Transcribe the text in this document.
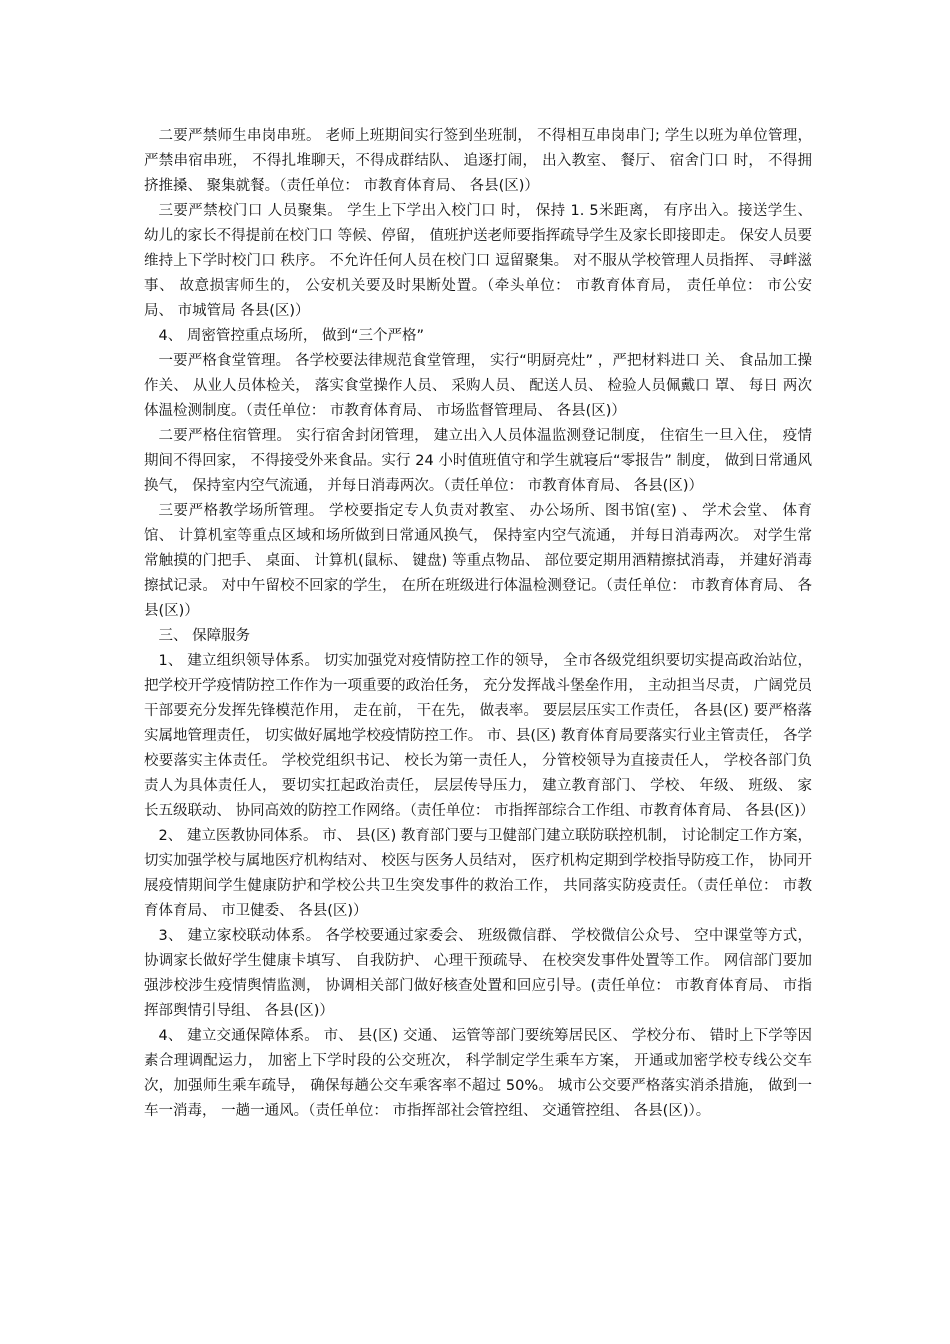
二要严禁师生串岗串班。 老师上班期间实行签到坐班制， 不得相互串岗串门; 学生以班为单位管理， 严禁串宿串班， 不得扎堆聊天，不得成群结队、 追逐打闹， 出入教室、 餐厅、 宿舍门口 时， 不得拥挤推搡、 聚集就餐。（责任单位： 市教育体育局、 各县(区)）

三要严禁校门口 人员聚集。 学生上下学出入校门口 时， 保持 1. 5米距离， 有序出入。接送学生、 幼儿的家长不得提前在校门口 等候、停留， 值班护送老师要指挥疏导学生及家长即接即走。 保安人员要维持上下学时校门口 秩序。 不允许任何人员在校门口 逗留聚集。 对不服从学校管理人员指挥、 寻衅滋事、 故意损害师生的， 公安机关要及时果断处置。（牵头单位： 市教育体育局， 责任单位： 市公安局、 市城管局 各县(区)）

4、 周密管控重点场所， 做到“三个严格”

一要严格食堂管理。 各学校要法律规范食堂管理， 实行“明厨亮灶” ，严把材料进口 关、 食品加工操作关、 从业人员体检关， 落实食堂操作人员、 采购人员、 配送人员、 检验人员佩戴口 罩、 每日 两次体温检测制度。（责任单位： 市教育体育局、 市场监督管理局、 各县(区)）

二要严格住宿管理。 实行宿舍封闭管理， 建立出入人员体温监测登记制度， 住宿生一旦入住， 疫情期间不得回家， 不得接受外来食品。实行 24 小时值班值守和学生就寝后“零报告” 制度， 做到日常通风换气， 保持室内空气流通， 并每日消毒两次。（责任单位： 市教育体育局、 各县(区)）

三要严格教学场所管理。 学校要指定专人负责对教室、 办公场所、图书馆(室) 、 学术会堂、 体育馆、 计算机室等重点区域和场所做到日常通风换气， 保持室内空气流通， 并每日消毒两次。 对学生常常触摸的门把手、 桌面、 计算机(鼠标、 键盘) 等重点物品、 部位要定期用酒精擦拭消毒， 并建好消毒擦拭记录。 对中午留校不回家的学生， 在所在班级进行体温检测登记。（责任单位： 市教育体育局、 各县(区)）

三、 保障服务

1、 建立组织领导体系。 切实加强党对疫情防控工作的领导， 全市各级党组织要切实提高政治站位， 把学校开学疫情防控工作作为一项重要的政治任务， 充分发挥战斗堡垒作用， 主动担当尽责， 广阔党员干部要充分发挥先锋模范作用， 走在前， 干在先， 做表率。 要层层压实工作责任， 各县(区) 要严格落实属地管理责任， 切实做好属地学校疫情防控工作。 市、县(区) 教育体育局要落实行业主管责任， 各学校要落实主体责任。 学校党组织书记、 校长为第一责任人， 分管校领导为直接责任人， 学校各部门负责人为具体责任人， 要切实扛起政治责任， 层层传导压力， 建立教育部门、 学校、 年级、 班级、 家长五级联动、 协同高效的防控工作网络。（责任单位： 市指挥部综合工作组、市教育体育局、 各县(区)）

2、 建立医教协同体系。 市、 县(区) 教育部门要与卫健部门建立联防联控机制， 讨论制定工作方案， 切实加强学校与属地医疗机构结对、 校医与医务人员结对， 医疗机构定期到学校指导防疫工作， 协同开展疫情期间学生健康防护和学校公共卫生突发事件的救治工作， 共同落实防疫责任。（责任单位： 市教育体育局、 市卫健委、 各县(区)）

3、 建立家校联动体系。 各学校要通过家委会、 班级微信群、 学校微信公众号、 空中课堂等方式， 协调家长做好学生健康卡填写、 自我防护、 心理干预疏导、 在校突发事件处置等工作。 网信部门要加强涉校涉生疫情舆情监测， 协调相关部门做好核查处置和回应引导。(责任单位： 市教育体育局、 市指挥部舆情引导组、 各县(区)）

4、 建立交通保障体系。 市、 县(区) 交通、 运管等部门要统筹居民区、 学校分布、 错时上下学等因素合理调配运力， 加密上下学时段的公交班次， 科学制定学生乘车方案， 开通或加密学校专线公交车次，加强师生乘车疏导， 确保每趟公交车乘客率不超过 50%。 城市公交要严格落实消杀措施， 做到一车一消毒， 一趟一通风。（责任单位： 市指挥部社会管控组、 交通管控组、 各县(区)）。
